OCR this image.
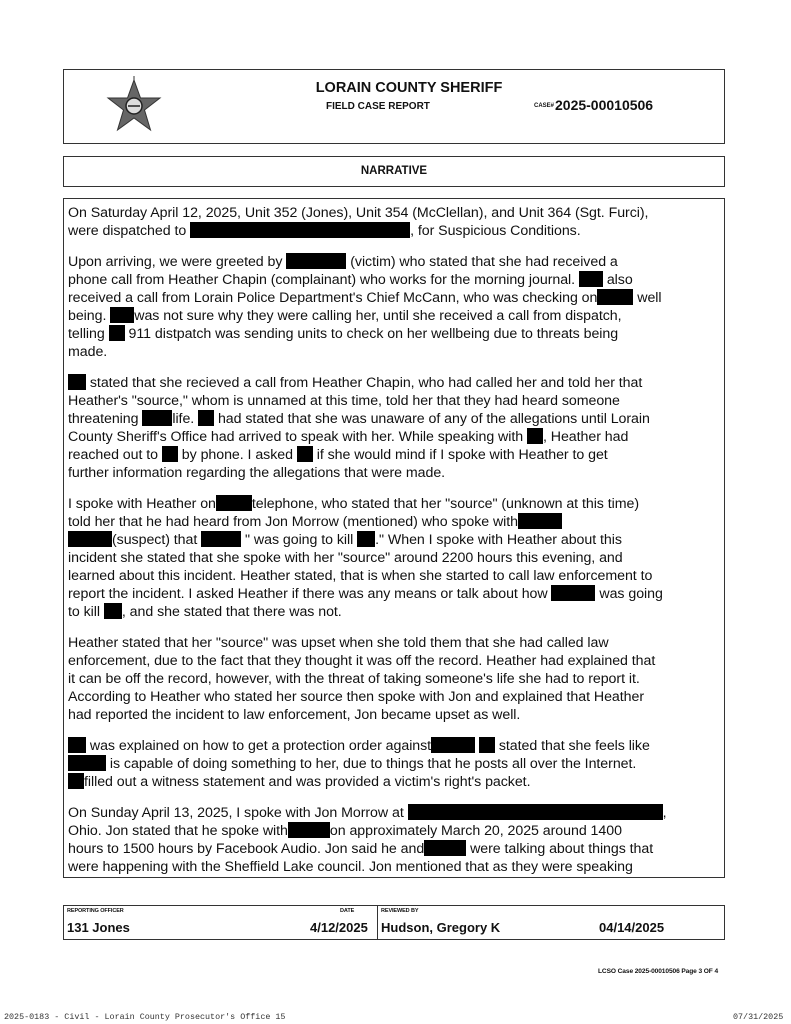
LORAIN COUNTY SHERIFF
FIELD CASE REPORT	CASE# 2025-00010506
NARRATIVE
On Saturday April 12, 2025, Unit 352 (Jones), Unit 354 (McClellan), and Unit 364 (Sgt. Furci),
were dispatched to	, for Suspicious Conditions.
Upon arriving, we were greeted by	(victim) who stated that she had received a
phone call from Heather Chapin (complainant) who works for the morning journal.  also
received a call from Lorain Police Department's Chief McCann, who was checking on	well
being. was not sure why they were calling her, until she received a call from dispatch,
telling  911 distpatch was sending units to check on her wellbeing due to threats being
made.
stated that she recieved a call from Heather Chapin, who had called her and told her that
Heather's "source," whom is unnamed at this time, told her that they had heard someone
threatening life.  had stated that she was unaware of any of the allegations until Lorain
County Sheriff's Office had arrived to speak with her. While speaking with , Heather had
reached out to  by phone. I asked  if she would mind if I spoke with Heather to get
further information regarding the allegations that were made.
I spoke with Heather on	telephone, who stated that her "source" (unknown at this time)
told her that he had heard from Jon Morrow (mentioned) who spoke with
(suspect) that	" was going to kill ." When I spoke with Heather about this
incident she stated that she spoke with her "source" around 2200 hours this evening, and
learned about this incident. Heather stated, that is when she started to call law enforcement to
report the incident. I asked Heather if there was any means or talk about how	was going
to kill , and she stated that there was not.
Heather stated that her "source" was upset when she told them that she had called law
enforcement, due to the fact that they thought it was off the record. Heather had explained that
it can be off the record, however, with the threat of taking someone's life she had to report it.
According to Heather who stated her source then spoke with Jon and explained that Heather
had reported the incident to law enforcement, Jon became upset as well.
was explained on how to get a protection order against	stated that she feels like
is capable of doing something to her, due to things that he posts all over the Internet.
filled out a witness statement and was provided a victim's right's packet.
On Sunday April 13, 2025, I spoke with Jon Morrow at	,
Ohio. Jon stated that he spoke with	on approximately March 20, 2025 around 1400
hours to 1500 hours by Facebook Audio. Jon said he and	were talking about things that
were happening with the Sheffield Lake council. Jon mentioned that as they were speaking
REPORTING OFFICER
131 Jones
DATE
4/12/2025
REVIEWED BY
Hudson, Gregory K	04/14/2025
LCSO Case 2025-00010506 Page 3 OF 4
2025-0183 - Civil - Lorain County Prosecutor's Office 15	07/31/2025
